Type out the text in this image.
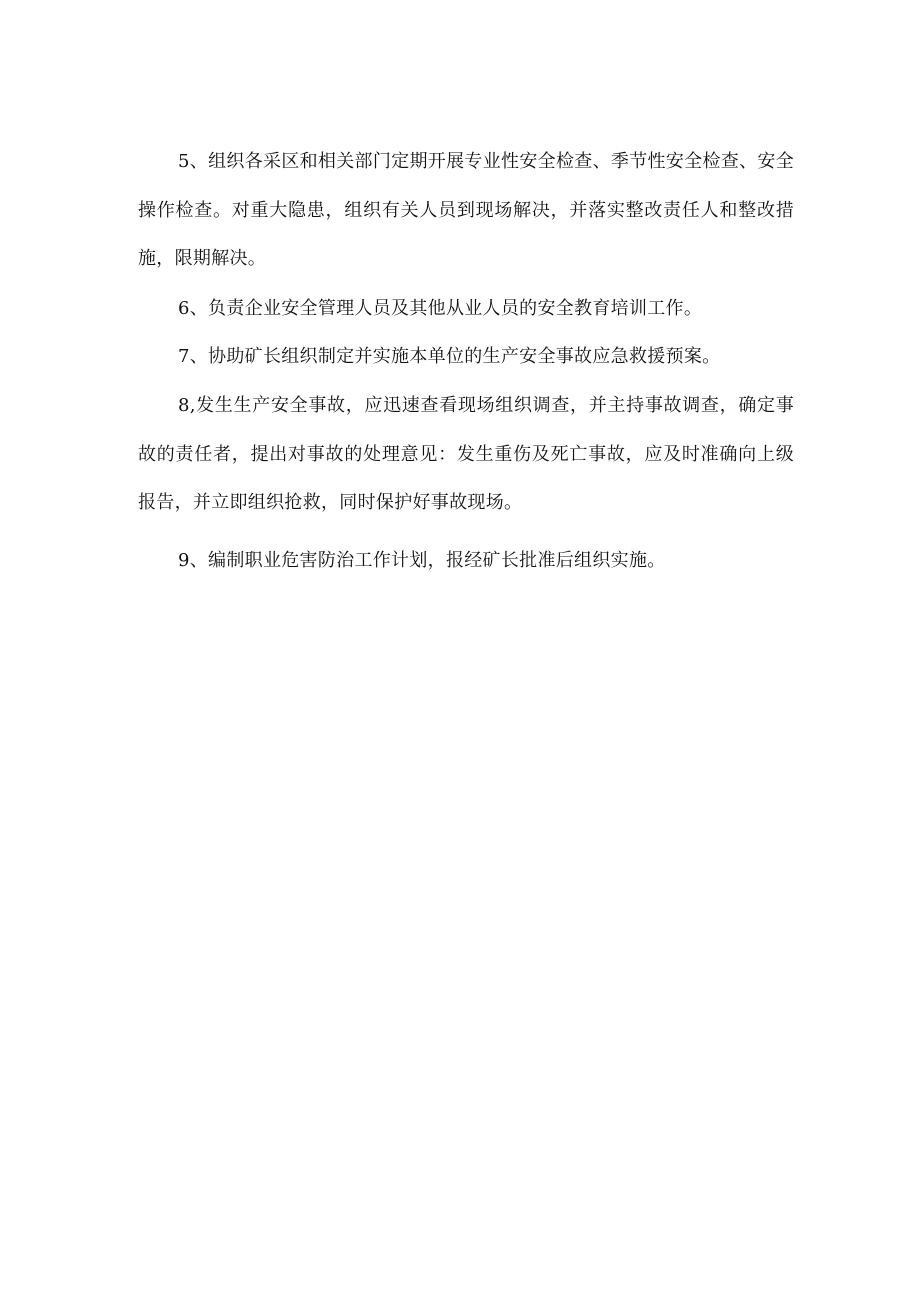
5、组织各采区和相关部门定期开展专业性安全检查、季节性安全检查、安全操作检查。对重大隐患，组织有关人员到现场解决，并落实整改责任人和整改措施，限期解决。

6、负责企业安全管理人员及其他从业人员的安全教育培训工作。

7、协助矿长组织制定并实施本单位的生产安全事故应急救援预案。

8,发生生产安全事故，应迅速查看现场组织调查，并主持事故调查，确定事故的责任者，提出对事故的处理意见：发生重伤及死亡事故，应及时准确向上级报告，并立即组织抢救，同时保护好事故现场。

9、编制职业危害防治工作计划，报经矿长批准后组织实施。
